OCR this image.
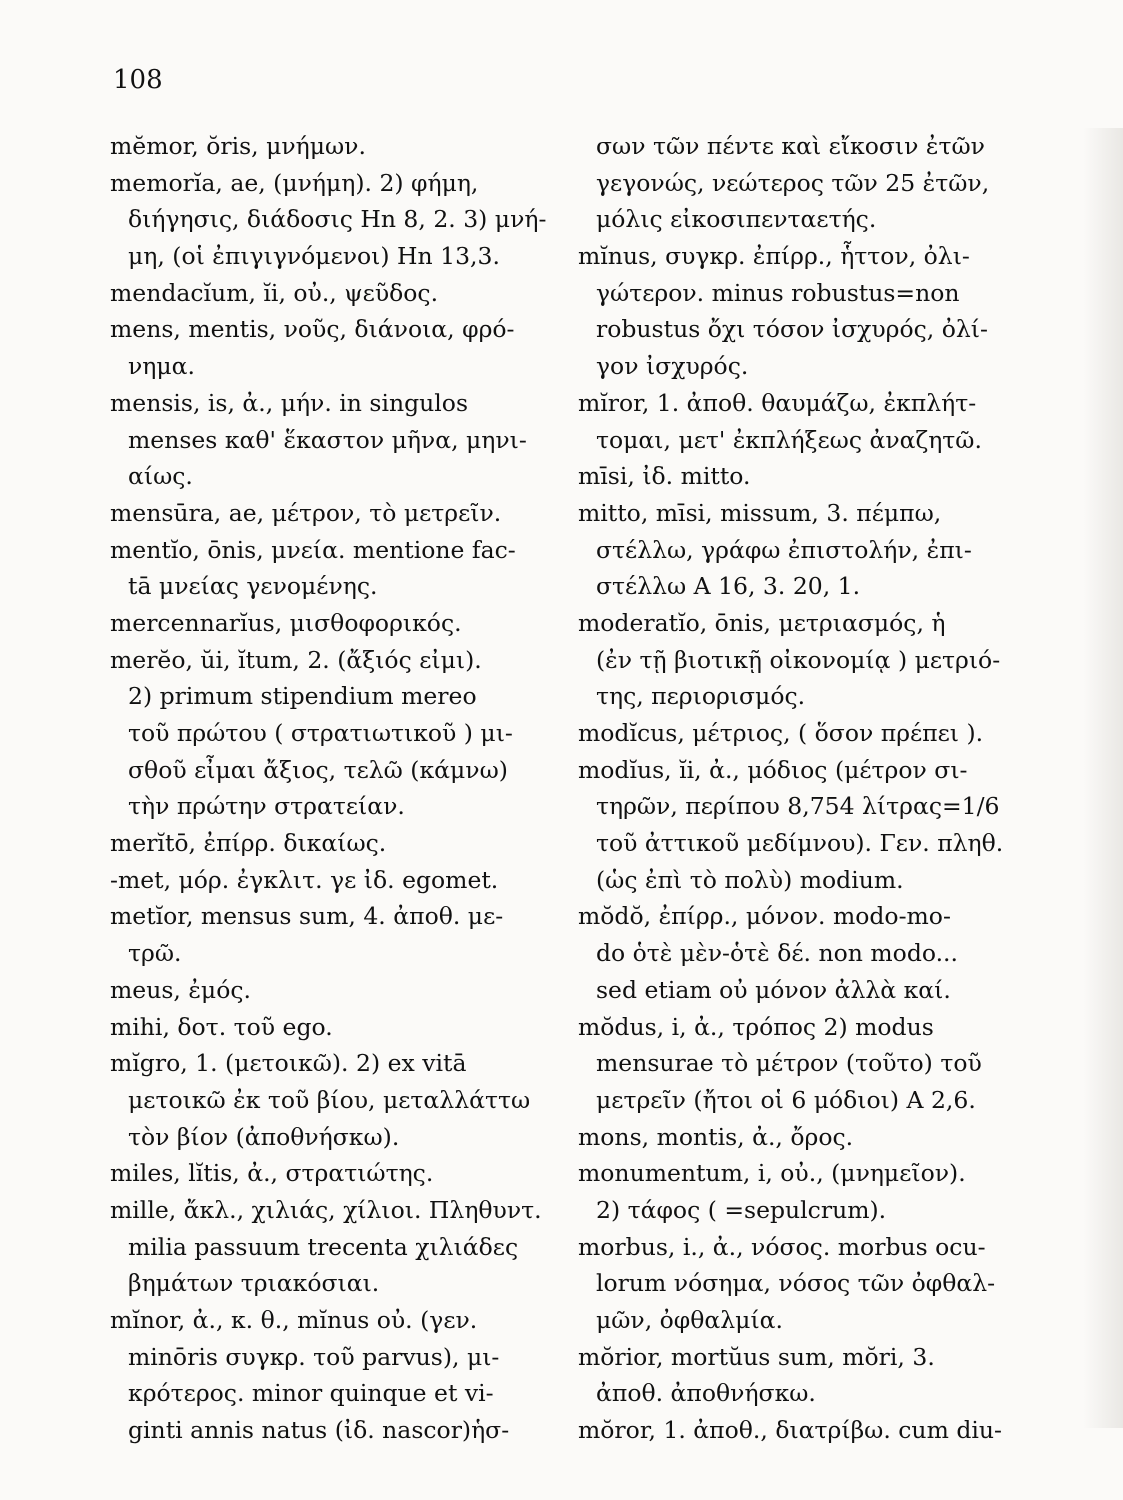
108
mĕmor, ŏris, μνήμων.
memorĭa, ae, (μνήμη). 2) φήμη,
διήγησις, διάδοσις Hn 8, 2. 3) μνή-
μη, (οἱ ἐπιγιγνόμενοι) Hn 13,3.
mendacĭum, ĭi, οὐ., ψεῦδος.
mens, mentis, νοῦς, διάνοια, φρό-
νημα.
mensis, is, ἀ., μήν. in singulos
menses καθ' ἕκαστον μῆνα, μηνι-
αίως.
mensūra, ae, μέτρον, τὸ μετρεῖν.
mentĭo, ōnis, μνεία. mentione fac-
tā μνείας γενομένης.
mercennarĭus, μισθοφορικός.
merĕo, ŭi, ĭtum, 2. (ἄξιός εἰμι).
2) primum stipendium mereo
τοῦ πρώτου ( στρατιωτικοῦ ) μι-
σθοῦ εἶμαι ἄξιος, τελῶ (κάμνω)
τὴν πρώτην στρατείαν.
merĭtō, ἐπίρρ. δικαίως.
-met, μόρ. ἐγκλιτ. γε ἰδ. egomet.
metĭor, mensus sum, 4. ἀποθ. με-
τρῶ.
meus, ἐμός.
mihi, δοτ. τοῦ ego.
mĭgro, 1. (μετοικῶ). 2) ex vitā
μετοικῶ ἐκ τοῦ βίου, μεταλλάττω
τὸν βίον (ἀποθνήσκω).
miles, lĭtis, ἀ., στρατιώτης.
mille, ἄκλ., χιλιάς, χίλιοι. Πληθυντ.
milia passuum trecenta χιλιάδες
βημάτων τριακόσιαι.
mĭnor, ἀ., κ. θ., mĭnus οὐ. (γεν.
minōris συγκρ. τοῦ parvus), μι-
κρότερος. minor quinque et vi-
ginti annis natus (ἰδ. nascor)ἡσ-
σων τῶν πέντε καὶ εἴκοσιν ἐτῶν
γεγονώς, νεώτερος τῶν 25 ἐτῶν,
μόλις εἰκοσιπενταετής.
mĭnus, συγκρ. ἐπίρρ., ἧττον, ὀλι-
γώτερον. minus robustus=non
robustus ὄχι τόσον ἰσχυρός, ὀλί-
γον ἰσχυρός.
mĭror, 1. ἀποθ. θαυμάζω, ἐκπλήτ-
τομαι, μετ' ἐκπλήξεως ἀναζητῶ.
mīsi, ἰδ. mitto.
mitto, mīsi, missum, 3. πέμπω,
στέλλω, γράφω ἐπιστολήν, ἐπι-
στέλλω A 16, 3. 20, 1.
moderatĭo, ōnis, μετριασμός, ἡ
(ἐν τῇ βιοτικῇ οἰκονομίᾳ ) μετριό-
της, περιορισμός.
modĭcus, μέτριος, ( ὅσον πρέπει ).
modĭus, ĭi, ἀ., μόδιος (μέτρον σι-
τηρῶν, περίπου 8,754 λίτρας=1/6
τοῦ ἀττικοῦ μεδίμνου). Γεν. πληθ.
(ὡς ἐπὶ τὸ πολὺ) modium.
mŏdŏ, ἐπίρρ., μόνον. modo-mo-
do ὁτὲ μὲν-ὁτὲ δέ. non modo...
sed etiam οὐ μόνον ἀλλὰ καί.
mŏdus, i, ἀ., τρόπος 2) modus
mensurae τὸ μέτρον (τοῦτο) τοῦ
μετρεῖν (ἤτοι οἱ 6 μόδιοι) A 2,6.
mons, montis, ἀ., ὄρος.
monumentum, i, οὐ., (μνημεῖον).
2) τάφος ( =sepulcrum).
morbus, i., ἀ., νόσος. morbus ocu-
lorum νόσημα, νόσος τῶν ὀφθαλ-
μῶν, ὀφθαλμία.
mŏrior, mortŭus sum, mŏri, 3.
ἀποθ. ἀποθνήσκω.
mŏror, 1. ἀποθ., διατρίβω. cum diu-
